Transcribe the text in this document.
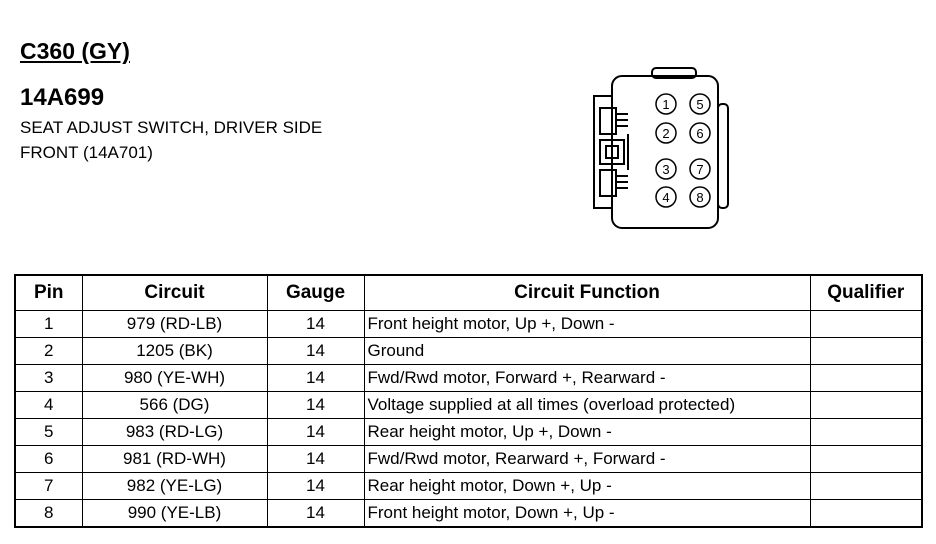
C360 (GY)
14A699
SEAT ADJUST SWITCH, DRIVER SIDE
FRONT (14A701)
1
2
3
4
5
6
7
8
Pin	Circuit	Gauge	Circuit Function	Qualifier
1	979 (RD-LB)	14	Front height motor, Up +, Down -	
2	1205 (BK)	14	Ground	
3	980 (YE-WH)	14	Fwd/Rwd motor, Forward +, Rearward -	
4	566 (DG)	14	Voltage supplied at all times (overload protected)	
5	983 (RD-LG)	14	Rear height motor, Up +, Down -	
6	981 (RD-WH)	14	Fwd/Rwd motor, Rearward +, Forward -	
7	982 (YE-LG)	14	Rear height motor, Down +, Up -	
8	990 (YE-LB)	14	Front height motor, Down +, Up -	
